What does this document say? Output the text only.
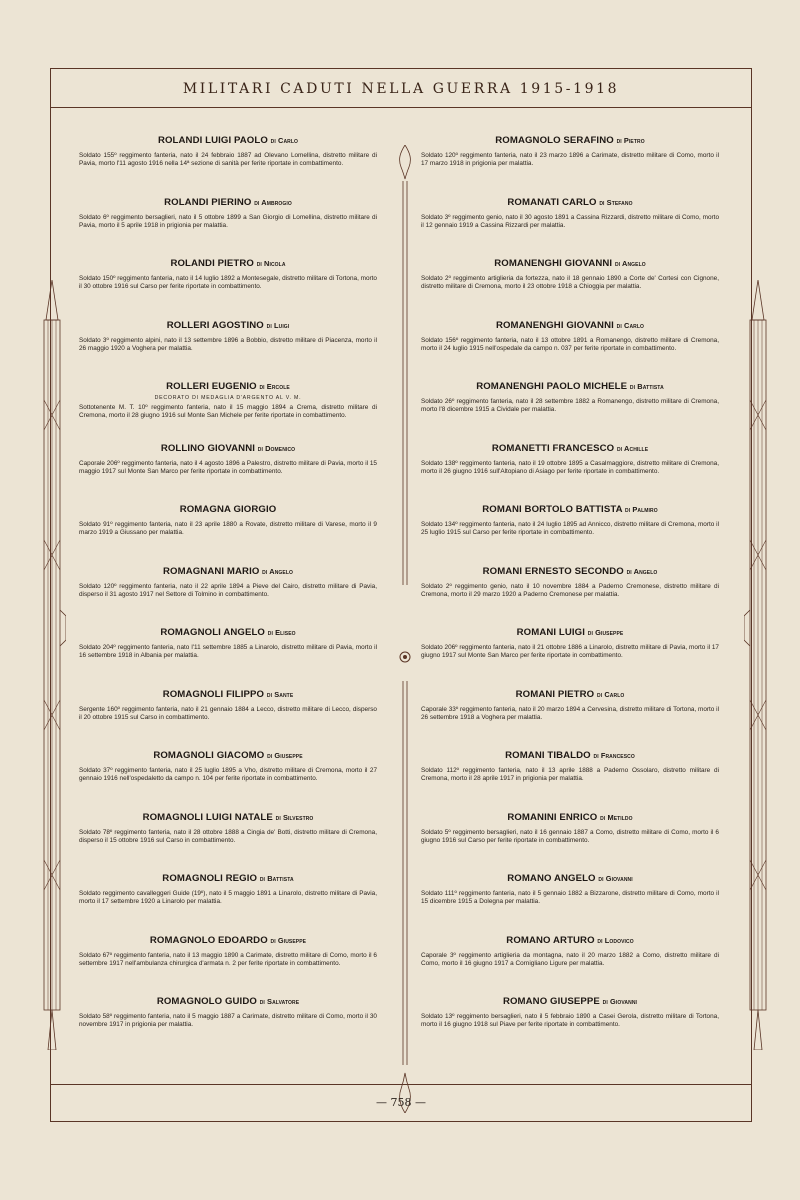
MILITARI CADUTI NELLA GUERRA 1915-1918
ROLANDI LUIGI PAOLO di Carlo

Soldato 155º reggimento fanteria, nato il 24 febbraio 1887 ad Olevano Lomellina, distretto militare di Pavia, morto l'11 agosto 1916 nella 14ª sezione di sanità per ferite riportate in combattimento.

ROLANDI PIERINO di Ambrogio

Soldato 6º reggimento bersaglieri, nato il 5 ottobre 1899 a San Giorgio di Lomellina, distretto militare di Pavia, morto il 5 aprile 1918 in prigionia per malattia.

ROLANDI PIETRO di Nicola

Soldato 150º reggimento fanteria, nato il 14 luglio 1892 a Montesegale, distretto militare di Tortona, morto il 30 ottobre 1916 sul Carso per ferite riportate in combattimento.

ROLLERI AGOSTINO di Luigi

Soldato 3º reggimento alpini, nato il 13 settembre 1896 a Bobbio, distretto militare di Piacenza, morto il 26 maggio 1920 a Voghera per malattia.

ROLLERI EUGENIO di Ercole
DECORATO DI MEDAGLIA D'ARGENTO AL V. M.

Sottotenente M. T. 10º reggimento fanteria, nato il 15 maggio 1894 a Crema, distretto militare di Cremona, morto il 28 giugno 1916 sul Monte San Michele per ferite riportate in combattimento.

ROLLINO GIOVANNI di Domenico

Caporale 206º reggimento fanteria, nato il 4 agosto 1896 a Palestro, distretto militare di Pavia, morto il 15 maggio 1917 sul Monte San Marco per ferite riportate in combattimento.

ROMAGNA GIORGIO

Soldato 91º reggimento fanteria, nato il 23 aprile 1880 a Rovate, distretto militare di Varese, morto il 9 marzo 1919 a Giussano per malattia.

ROMAGNANI MARIO di Angelo

Soldato 120º reggimento fanteria, nato il 22 aprile 1894 a Pieve del Cairo, distretto militare di Pavia, disperso il 31 agosto 1917 nel Settore di Tolmino in combattimento.

ROMAGNOLI ANGELO di Eliseo

Soldato 204º reggimento fanteria, nato l'11 settembre 1885 a Linarolo, distretto militare di Pavia, morto il 16 settembre 1918 in Albania per malattia.

ROMAGNOLI FILIPPO di Sante

Sergente 160º reggimento fanteria, nato il 21 gennaio 1884 a Lecco, distretto militare di Lecco, disperso il 20 ottobre 1915 sul Carso in combattimento.

ROMAGNOLI GIACOMO di Giuseppe

Soldato 37º reggimento fanteria, nato il 25 luglio 1895 a Vho, distretto militare di Cremona, morto il 27 gennaio 1916 nell'ospedaletto da campo n. 104 per ferite riportate in combattimento.

ROMAGNOLI LUIGI NATALE di Silvestro

Soldato 78º reggimento fanteria, nato il 28 ottobre 1888 a Cingia de' Botti, distretto militare di Cremona, disperso il 15 ottobre 1916 sul Carso in combattimento.

ROMAGNOLI REGIO di Battista

Soldato reggimento cavalleggeri Guide (19º), nato il 5 maggio 1891 a Linarolo, distretto militare di Pavia, morto il 17 settembre 1920 a Linarolo per malattia.

ROMAGNOLO EDOARDO di Giuseppe

Soldato 67º reggimento fanteria, nato il 13 maggio 1890 a Carimate, distretto militare di Como, morto il 6 settembre 1917 nell'ambulanza chirurgica d'armata n. 2 per ferite riportate in combattimento.

ROMAGNOLO GUIDO di Salvatore

Soldato 58º reggimento fanteria, nato il 5 maggio 1887 a Carimate, distretto militare di Como, morto il 30 novembre 1917 in prigionia per malattia.

ROMAGNOLO SERAFINO di Pietro

Soldato 120º reggimento fanteria, nato il 23 marzo 1896 a Carimate, distretto militare di Como, morto il 17 marzo 1918 in prigionia per malattia.

ROMANATI CARLO di Stefano

Soldato 3º reggimento genio, nato il 30 agosto 1891 a Cassina Rizzardi, distretto militare di Como, morto il 12 gennaio 1919 a Cassina Rizzardi per malattia.

ROMANENGHI GIOVANNI di Angelo

Soldato 2º reggimento artiglieria da fortezza, nato il 18 gennaio 1890 a Corte de' Cortesi con Cignone, distretto militare di Cremona, morto il 23 ottobre 1918 a Chioggia per malattia.

ROMANENGHI GIOVANNI di Carlo

Soldato 156º reggimento fanteria, nato il 13 ottobre 1891 a Romanengo, distretto militare di Cremona, morto il 24 luglio 1915 nell'ospedale da campo n. 037 per ferite riportate in combattimento.

ROMANENGHI PAOLO MICHELE di Battista

Soldato 26º reggimento fanteria, nato il 28 settembre 1882 a Romanengo, distretto militare di Cremona, morto l'8 dicembre 1915 a Cividale per malattia.

ROMANETTI FRANCESCO di Achille

Soldato 138º reggimento fanteria, nato il 19 ottobre 1895 a Casalmaggiore, distretto militare di Cremona, morto il 26 giugno 1916 sull'Altopiano di Asiago per ferite riportate in combattimento.

ROMANI BORTOLO BATTISTA di Palmiro

Soldato 134º reggimento fanteria, nato il 24 luglio 1895 ad Annicco, distretto militare di Cremona, morto il 25 luglio 1915 sul Carso per ferite riportate in combattimento.

ROMANI ERNESTO SECONDO di Angelo

Soldato 2º reggimento genio, nato il 10 novembre 1884 a Paderno Cremonese, distretto militare di Cremona, morto il 29 marzo 1920 a Paderno Cremonese per malattia.

ROMANI LUIGI di Giuseppe

Soldato 206º reggimento fanteria, nato il 21 ottobre 1886 a Linarolo, distretto militare di Pavia, morto il 17 giugno 1917 sul Monte San Marco per ferite riportate in combattimento.

ROMANI PIETRO di Carlo

Caporale 33º reggimento fanteria, nato il 20 marzo 1894 a Cervesina, distretto militare di Tortona, morto il 26 settembre 1918 a Voghera per malattia.

ROMANI TIBALDO di Francesco

Soldato 112º reggimento fanteria, nato il 13 aprile 1888 a Paderno Ossolaro, distretto militare di Cremona, morto il 28 aprile 1917 in prigionia per malattia.

ROMANINI ENRICO di Metildo

Soldato 5º reggimento bersaglieri, nato il 16 gennaio 1887 a Como, distretto militare di Como, morto il 6 giugno 1916 sul Carso per ferite riportate in combattimento.

ROMANO ANGELO di Giovanni

Soldato 111º reggimento fanteria, nato il 5 gennaio 1882 a Bizzarone, distretto militare di Como, morto il 15 dicembre 1915 a Dolegna per malattia.

ROMANO ARTURO di Lodovico

Caporale 3º reggimento artiglieria da montagna, nato il 20 marzo 1882 a Como, distretto militare di Como, morto il 16 giugno 1917 a Cornigliano Ligure per malattia.

ROMANO GIUSEPPE di Giovanni

Soldato 13º reggimento bersaglieri, nato il 5 febbraio 1890 a Casei Gerola, distretto militare di Tortona, morto il 16 giugno 1918 sul Piave per ferite riportate in combattimento.

— 758 —
